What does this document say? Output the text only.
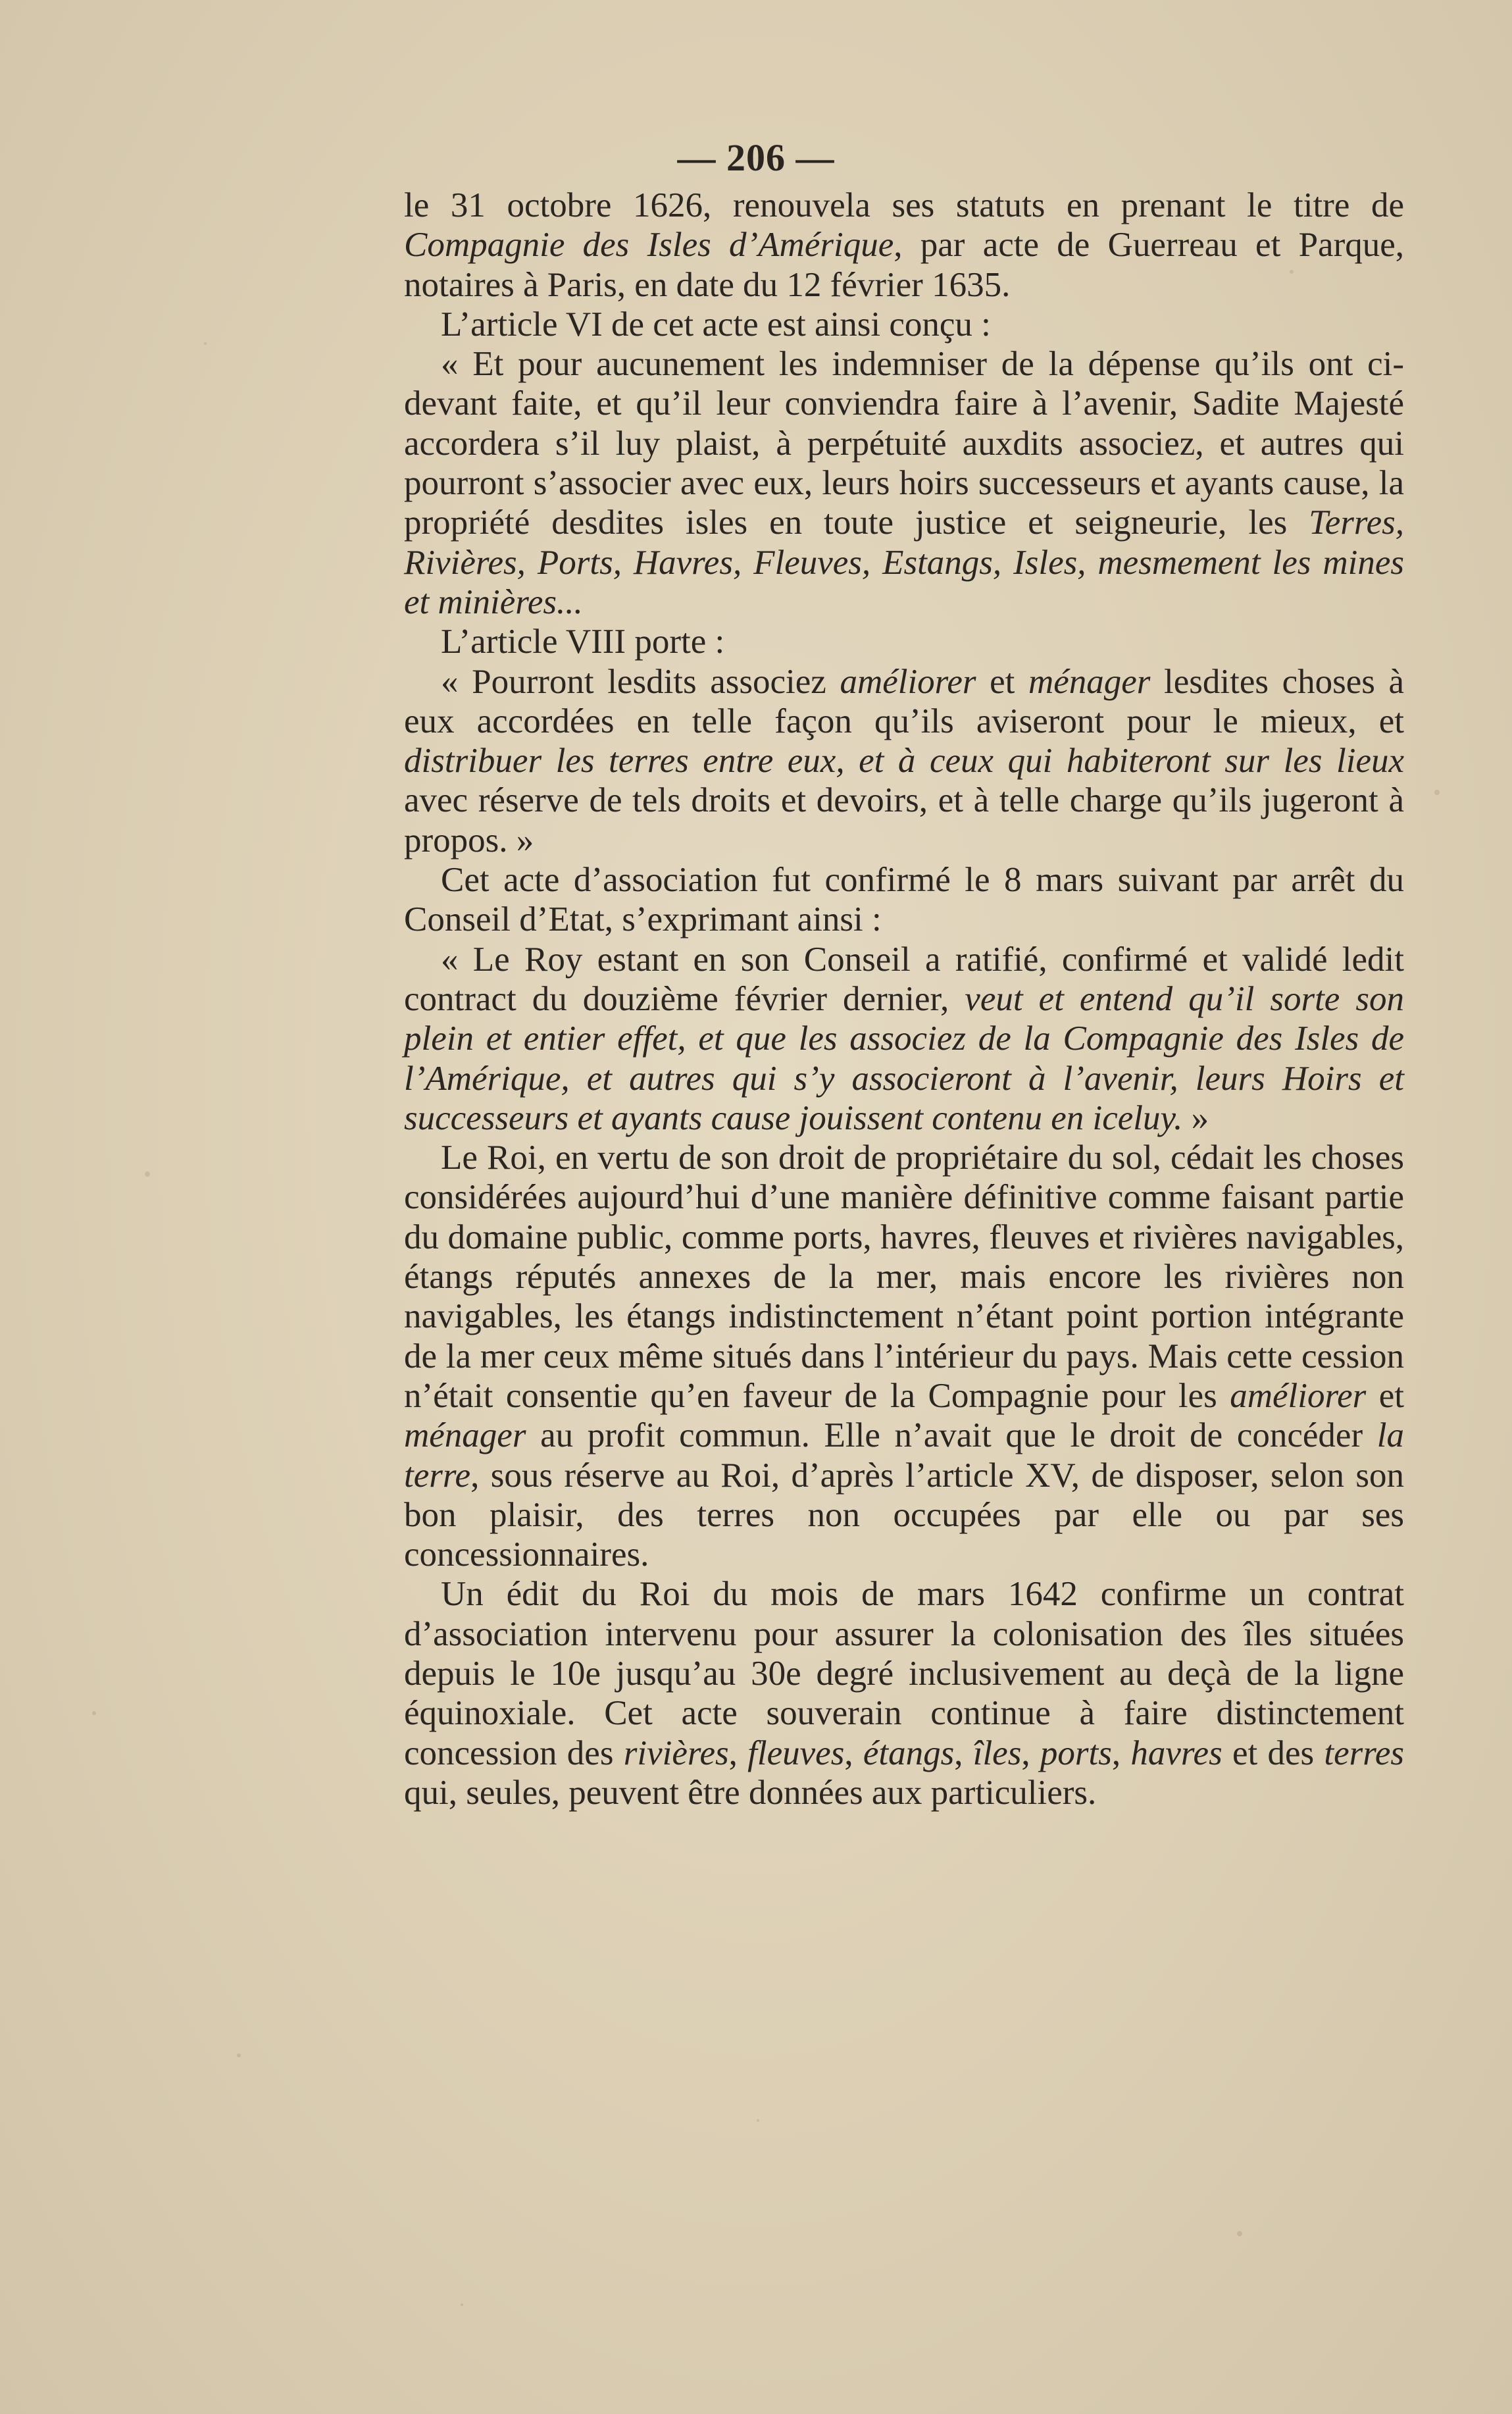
— 206 —

le 31 octobre 1626, renouvela ses statuts en prenant le titre de Compagnie des Isles d’Amérique, par acte de Guerreau et Parque, notaires à Paris, en date du 12 février 1635.

L’article VI de cet acte est ainsi conçu :

« Et pour aucunement les indemniser de la dépense qu’ils ont ci-devant faite, et qu’il leur conviendra faire à l’avenir, Sadite Majesté accordera s’il luy plaist, à perpétuité auxdits associez, et autres qui pourront s’associer avec eux, leurs hoirs successeurs et ayants cause, la propriété desdites isles en toute justice et seigneurie, les Terres, Rivières, Ports, Havres, Fleuves, Estangs, Isles, mesmement les mines et minières...

L’article VIII porte :

« Pourront lesdits associez améliorer et ménager lesdites choses à eux accordées en telle façon qu’ils aviseront pour le mieux, et distribuer les terres entre eux, et à ceux qui habiteront sur les lieux avec réserve de tels droits et devoirs, et à telle charge qu’ils jugeront à propos. »

Cet acte d’association fut confirmé le 8 mars suivant par arrêt du Conseil d’Etat, s’exprimant ainsi :

« Le Roy estant en son Conseil a ratifié, confirmé et validé ledit contract du douzième février dernier, veut et entend qu’il sorte son plein et entier effet, et que les associez de la Compagnie des Isles de l’Amérique, et autres qui s’y associeront à l’avenir, leurs Hoirs et successeurs et ayants cause jouissent contenu en iceluy. »

Le Roi, en vertu de son droit de propriétaire du sol, cédait les choses considérées aujourd’hui d’une manière définitive comme faisant partie du domaine public, comme ports, havres, fleuves et rivières navigables, étangs réputés annexes de la mer, mais encore les rivières non navigables, les étangs indistinctement n’étant point portion intégrante de la mer ceux même situés dans l’intérieur du pays. Mais cette cession n’était consentie qu’en faveur de la Compagnie pour les améliorer et ménager au profit commun. Elle n’avait que le droit de concéder la terre, sous réserve au Roi, d’après l’article XV, de disposer, selon son bon plaisir, des terres non occupées par elle ou par ses concessionnaires.

Un édit du Roi du mois de mars 1642 confirme un contrat d’association intervenu pour assurer la colonisation des îles situées depuis le 10e jusqu’au 30e degré inclusivement au deçà de la ligne équinoxiale. Cet acte souverain continue à faire distinctement concession des rivières, fleuves, étangs, îles, ports, havres et des terres qui, seules, peuvent être données aux particuliers.
